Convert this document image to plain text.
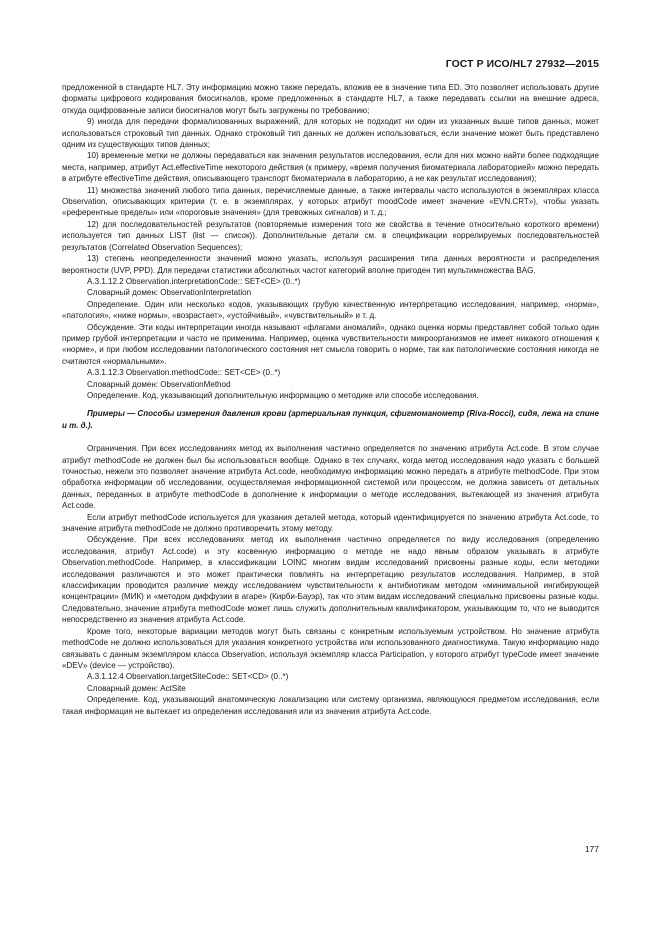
ГОСТ Р ИСО/HL7 27932—2015

предложенной в стандарте HL7. Эту информацию можно также передать, вложив ее в значение типа ED. Это позволяет использовать другие форматы цифрового кодирования биосигналов, кроме предложенных в стандарте HL7, а также передавать ссылки на внешние адреса, откуда оцифрованные записи биосигналов могут быть загружены по требованию;

9) иногда для передачи формализованных выражений, для которых не подходит ни один из указанных выше типов данных, может использоваться строковый тип данных. Однако строковый тип данных не должен использоваться, если значение может быть представлено одним из существующих типов данных;

10) временные метки не должны передаваться как значения результатов исследования, если для них можно найти более подходящие места, например, атрибут Act.effectiveTime некоторого действия (к примеру, «время получения биоматериала лабораторией» можно передать в атрибуте effectiveTime действия, описывающего транспорт биоматериала в лабораторию, а не как результат исследования);

11) множества значений любого типа данных, перечисляемые данные, а также интервалы часто используются в экземплярах класса Observation, описывающих критерии (т. е. в экземплярах, у которых атрибут moodCode имеет значение «EVN.CRT»), чтобы указать «референтные пределы» или «пороговые значения» (для тревожных сигналов) и т. д.;

12) для последовательностей результатов (повторяемые измерения того же свойства в течение относительно короткого времени) используется тип данных LIST (list — список)). Дополнительные детали см. в спецификации коррелируемых последовательностей результатов (Correlated Observation Sequences);

13) степень неопределенности значений можно указать, используя расширения типа данных вероятности и распределения вероятности (UVP, PPD). Для передачи статистики абсолютных частот категорий вполне пригоден тип мультимножества BAG.

A.3.1.12.2 Observation.interpretationCode:: SET<CE> (0..*)

Словарный домен: ObservationInterpretation

Определение. Один или несколько кодов, указывающих грубую качественную интерпретацию исследования, например, «норма», «патология», «ниже нормы», «возрастает», «устойчивый», «чувствительный» и т. д.

Обсуждение. Эти коды интерпретации иногда называют «флагами аномалий», однако оценка нормы представляет собой только один пример грубой интерпретации и часто не применима. Например, оценка чувствительности микроорганизмов не имеет никакого отношения к «норме», и при любом исследовании патологического состояния нет смысла говорить о норме, так как патологические состояния никогда не считаются «нормальными».

A.3.1.12.3 Observation.methodCode:: SET<CE> (0..*)

Словарный домен: ObservationMethod

Определение. Код, указывающий дополнительную информацию о методике или способе исследования.

Примеры — Способы измерения давления крови (артериальная пункция, сфигмоманометр (Riva-Rocci), сидя, лежа на спине и т. д.).

Ограничения. При всех исследованиях метод их выполнения частично определяется по значению атрибута Act.code. В этом случае атрибут methodCode не должен был бы использоваться вообще. Однако в тех случаях, когда метод исследования надо указать с большей точностью, нежели это позволяет значение атрибута Act.code, необходимую информацию можно передать в атрибуте methodCode. При этом обработка информации об исследовании, осуществляемая информационной системой или процессом, не должна зависеть от детальных данных, переданных в атрибуте methodCode в дополнение к информации о методе исследования, вытекающей из значения атрибута Act.code.

Если атрибут methodCode используется для указания деталей метода, который идентифицируется по значению атрибута Act.code, то значение атрибута methodCode не должно противоречить этому методу.

Обсуждение. При всех исследованиях метод их выполнения частично определяется по виду исследования (определению исследования, атрибут Act.code) и эту косвенную информацию о методе не надо явным образом указывать в атрибуте Observation.methodCode. Например, в классификации LOINC многим видам исследований присвоены разные коды, если методики исследования различаются и это может практически повлиять на интерпретацию результатов исследования. Например, в этой классификации проводится различие между исследованием чувствительности к антибиотикам методом «минимальной ингибирующей концентрации» (МИК) и «методом диффузии в агаре» (Кирби-Бауэр), так что этим видам исследований специально присвоены разные коды. Следовательно, значение атрибута methodCode может лишь служить дополнительным квалификатором, указывающим то, что не выводится непосредственно из значения атрибута Act.code.

Кроме того, некоторые вариации методов могут быть связаны с конкретным используемым устройством. Но значение атрибута methodCode не должно использоваться для указания конкретного устройства или использованного диагностикума. Такую информацию надо связывать с данным экземпляром класса Observation, используя экземпляр класса Participation, у которого атрибут typeCode имеет значение «DEV» (device — устройство).

A.3.1.12.4 Observation.targetSiteCode:: SET<CD> (0..*)

Словарный домен: ActSite

Определение. Код, указывающий анатомическую локализацию или систему организма, являющуюся предметом исследования, если такая информация не вытекает из определения исследования или из значения атрибута Act.code.

177
